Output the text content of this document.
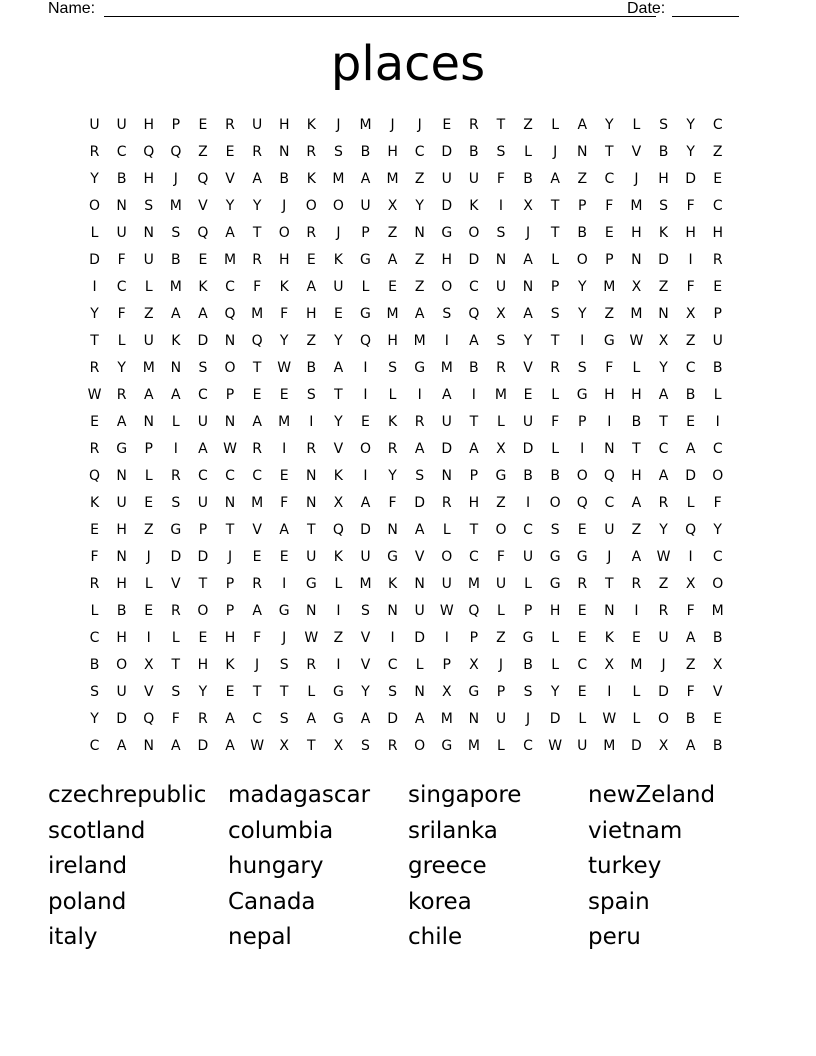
Name:	Date:
places
U	U	H	P	E	R	U	H	K	J	M	J	J	E	R	T	Z	L	A	Y	L	S	Y	C
R	C	Q	Q	Z	E	R	N	R	S	B	H	C	D	B	S	L	J	N	T	V	B	Y	Z
Y	B	H	J	Q	V	A	B	K	M	A	M	Z	U	U	F	B	A	Z	C	J	H	D	E
O	N	S	M	V	Y	Y	J	O	O	U	X	Y	D	K	I	X	T	P	F	M	S	F	C
L	U	N	S	Q	A	T	O	R	J	P	Z	N	G	O	S	J	T	B	E	H	K	H	H
D	F	U	B	E	M	R	H	E	K	G	A	Z	H	D	N	A	L	O	P	N	D	I	R
I	C	L	M	K	C	F	K	A	U	L	E	Z	O	C	U	N	P	Y	M	X	Z	F	E
Y	F	Z	A	A	Q	M	F	H	E	G	M	A	S	Q	X	A	S	Y	Z	M	N	X	P
T	L	U	K	D	N	Q	Y	Z	Y	Q	H	M	I	A	S	Y	T	I	G	W	X	Z	U
R	Y	M	N	S	O	T	W	B	A	I	S	G	M	B	R	V	R	S	F	L	Y	C	B
W	R	A	A	C	P	E	E	S	T	I	L	I	A	I	M	E	L	G	H	H	A	B	L
E	A	N	L	U	N	A	M	I	Y	E	K	R	U	T	L	U	F	P	I	B	T	E	I
R	G	P	I	A	W	R	I	R	V	O	R	A	D	A	X	D	L	I	N	T	C	A	C
Q	N	L	R	C	C	C	E	N	K	I	Y	S	N	P	G	B	B	O	Q	H	A	D	O
K	U	E	S	U	N	M	F	N	X	A	F	D	R	H	Z	I	O	Q	C	A	R	L	F
E	H	Z	G	P	T	V	A	T	Q	D	N	A	L	T	O	C	S	E	U	Z	Y	Q	Y
F	N	J	D	D	J	E	E	U	K	U	G	V	O	C	F	U	G	G	J	A	W	I	C
R	H	L	V	T	P	R	I	G	L	M	K	N	U	M	U	L	G	R	T	R	Z	X	O
L	B	E	R	O	P	A	G	N	I	S	N	U	W	Q	L	P	H	E	N	I	R	F	M
C	H	I	L	E	H	F	J	W	Z	V	I	D	I	P	Z	G	L	E	K	E	U	A	B
B	O	X	T	H	K	J	S	R	I	V	C	L	P	X	J	B	L	C	X	M	J	Z	X
S	U	V	S	Y	E	T	T	L	G	Y	S	N	X	G	P	S	Y	E	I	L	D	F	V
Y	D	Q	F	R	A	C	S	A	G	A	D	A	M	N	U	J	D	L	W	L	O	B	E
C	A	N	A	D	A	W	X	T	X	S	R	O	G	M	L	C	W	U	M	D	X	A	B
czechrepublic madagascar	singapore	newZeland
scotland	columbia	srilanka	vietnam
ireland	hungary	greece	turkey
poland	Canada	korea	spain
italy	nepal	chile	peru
